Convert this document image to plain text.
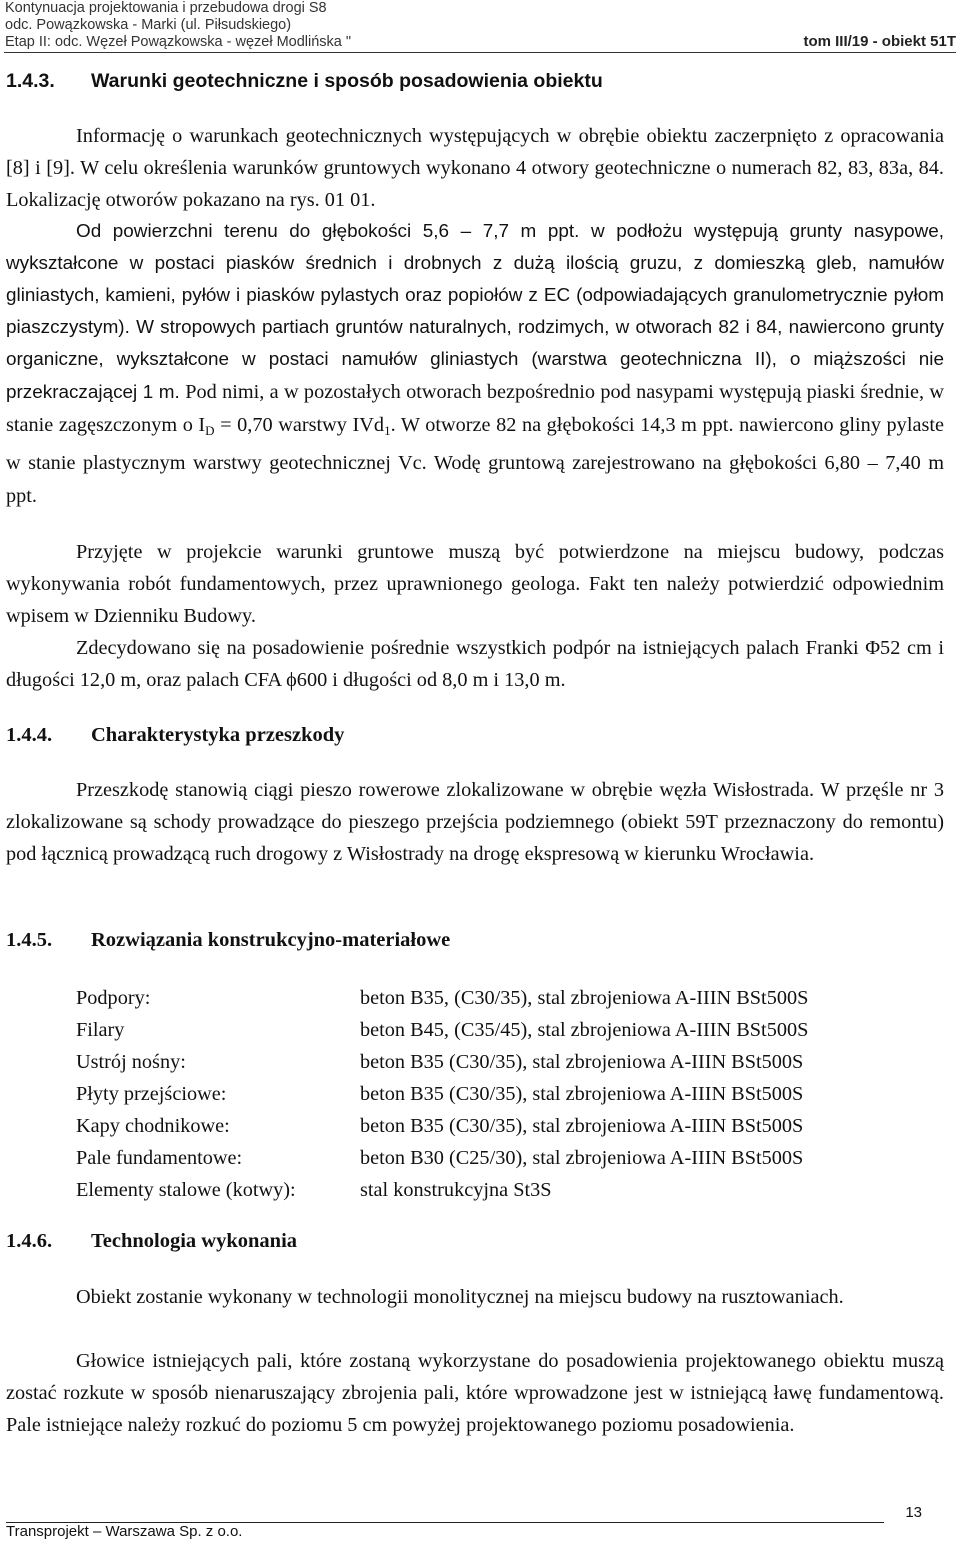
Kontynuacja projektowania i przebudowa drogi S8
odc. Powązkowska - Marki (ul. Piłsudskiego)
Etap II: odc. Węzeł Powązkowska - węzeł Modlińska "	tom III/19 - obiekt 51T
1.4.3. Warunki geotechniczne i sposób posadowienia obiektu
Informację o warunkach geotechnicznych występujących w obrębie obiektu zaczerpnięto z opracowania [8] i [9]. W celu określenia warunków gruntowych wykonano 4 otwory geotechniczne o numerach 82, 83, 83a, 84. Lokalizację otworów pokazano na rys. 01 01.
Od powierzchni terenu do głębokości 5,6 – 7,7 m ppt. w podłożu występują grunty nasypowe, wykształcone w postaci piasków średnich i drobnych z dużą ilością gruzu, z domieszką gleb, namułów gliniastych, kamieni, pyłów i piasków pylastych oraz popiołów z EC (odpowiadających granulometrycznie pyłom piaszczystym). W stropowych partiach gruntów naturalnych, rodzimych, w otworach 82 i 84, nawiercono grunty organiczne, wykształcone w postaci namułów gliniastych (warstwa geotechniczna II), o miąższości nie przekraczającej 1 m. Pod nimi, a w pozostałych otworach bezpośrednio pod nasypami występują piaski średnie, w stanie zagęszczonym o $I_D = 0,70$ warstwy IVd$_1$. W otworze 82 na głębokości 14,3 m ppt. nawiercono gliny pylaste w stanie plastycznym warstwy geotechnicznej Vc. Wodę gruntową zarejestrowano na głębokości 6,80 – 7,40 m ppt.
Przyjęte w projekcie warunki gruntowe muszą być potwierdzone na miejscu budowy, podczas wykonywania robót fundamentowych, przez uprawnionego geologa. Fakt ten należy potwierdzić odpowiednim wpisem w Dzienniku Budowy.
Zdecydowano się na posadowienie pośrednie wszystkich podpór na istniejących palach Franki Φ52 cm i długości 12,0 m, oraz palach CFA ϕ600 i długości od 8,0 m i 13,0 m.
1.4.4. Charakterystyka przeszkody
Przeszkodę stanowią ciągi pieszo rowerowe zlokalizowane w obrębie węzła Wisłostrada. W przęśle nr 3 zlokalizowane są schody prowadzące do pieszego przejścia podziemnego (obiekt 59T przeznaczony do remontu) pod łącznicą prowadzącą ruch drogowy z Wisłostrady na drogę ekspresową w kierunku Wrocławia.
1.4.5. Rozwiązania konstrukcyjno-materiałowe
Podpory:	beton B35, (C30/35), stal zbrojeniowa A-IIIN BSt500S
Filary	beton B45, (C35/45), stal zbrojeniowa A-IIIN BSt500S
Ustrój nośny:	beton B35 (C30/35), stal zbrojeniowa A-IIIN BSt500S
Płyty przejściowe:	beton B35 (C30/35), stal zbrojeniowa A-IIIN BSt500S
Kapy chodnikowe:	beton B35 (C30/35), stal zbrojeniowa A-IIIN BSt500S
Pale fundamentowe:	beton B30 (C25/30), stal zbrojeniowa A-IIIN BSt500S
Elementy stalowe (kotwy):	stal konstrukcyjna St3S
1.4.6. Technologia wykonania
Obiekt zostanie wykonany w technologii monolitycznej na miejscu budowy na rusztowaniach.
Głowice istniejących pali, które zostaną wykorzystane do posadowienia projektowanego obiektu muszą zostać rozkute w sposób nienaruszający zbrojenia pali, które wprowadzone jest w istniejącą ławę fundamentową. Pale istniejące należy rozkuć do poziomu 5 cm powyżej projektowanego poziomu posadowienia.
13
Transprojekt – Warszawa Sp. z o.o.
